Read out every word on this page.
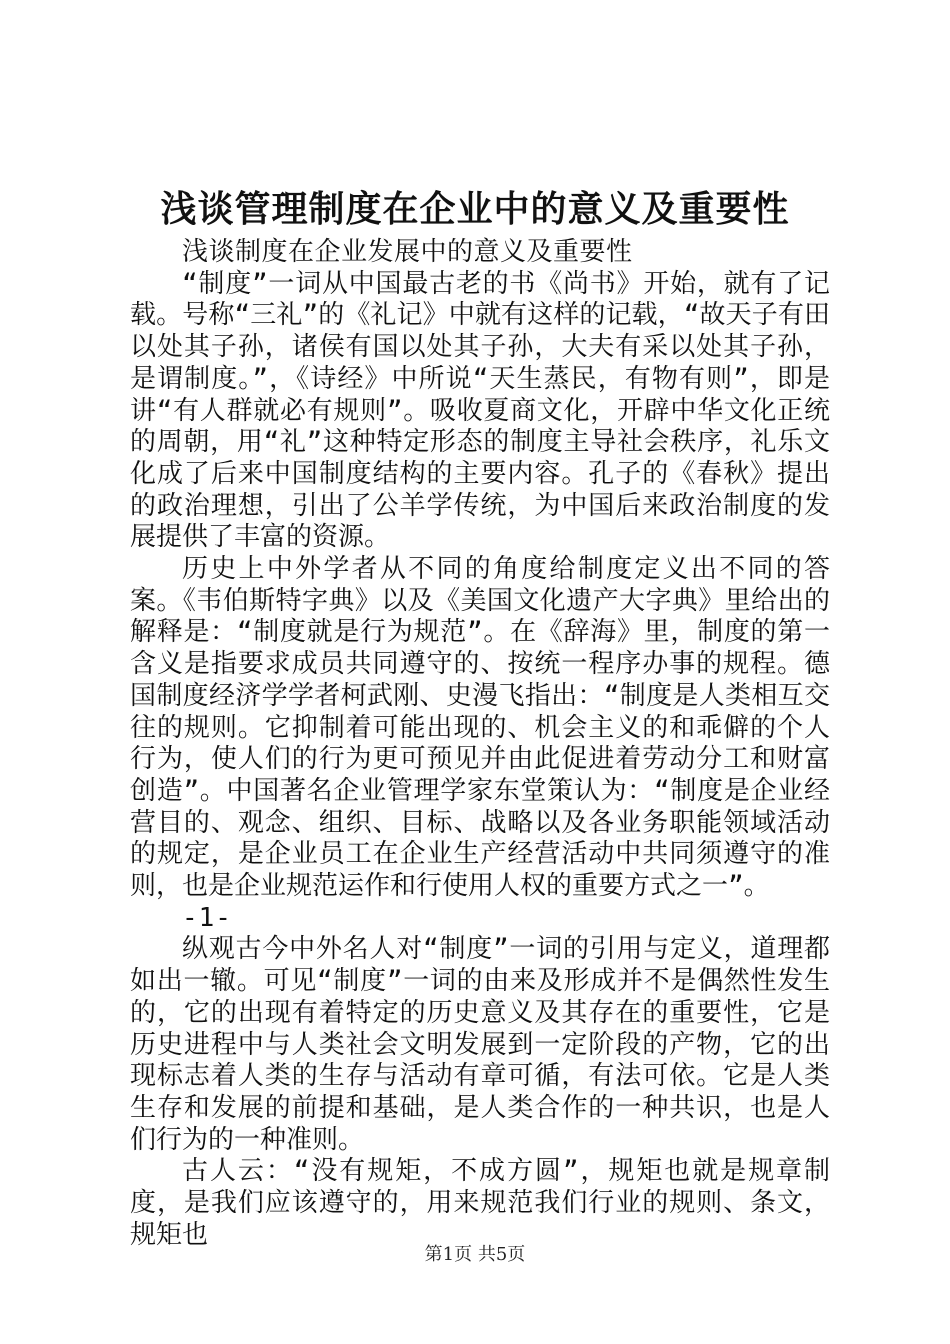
浅谈管理制度在企业中的意义及重要性

浅谈制度在企业发展中的意义及重要性

“制度”一词从中国最古老的书《尚书》开始，就有了记载。号称“三礼”的《礼记》中就有这样的记载，“故天子有田以处其子孙，诸侯有国以处其子孙，大夫有采以处其子孙，是谓制度。”，《诗经》中所说“天生蒸民，有物有则”，即是讲“有人群就必有规则”。吸收夏商文化，开辟中华文化正统的周朝，用“礼”这种特定形态的制度主导社会秩序，礼乐文化成了后来中国制度结构的主要内容。孔子的《春秋》提出的政治理想，引出了公羊学传统，为中国后来政治制度的发展提供了丰富的资源。

历史上中外学者从不同的角度给制度定义出不同的答案。《韦伯斯特字典》以及《美国文化遗产大字典》里给出的解释是：“制度就是行为规范”。在《辞海》里，制度的第一含义是指要求成员共同遵守的、按统一程序办事的规程。德国制度经济学学者柯武刚、史漫飞指出：“制度是人类相互交往的规则。它抑制着可能出现的、机会主义的和乖僻的个人行为，使人们的行为更可预见并由此促进着劳动分工和财富创造”。中国著名企业管理学家东堂策认为：“制度是企业经营目的、观念、组织、目标、战略以及各业务职能领域活动的规定，是企业员工在企业生产经营活动中共同须遵守的准则，也是企业规范运作和行使用人权的重要方式之一”。

-1-

纵观古今中外名人对“制度”一词的引用与定义，道理都如出一辙。可见“制度”一词的由来及形成并不是偶然性发生的，它的出现有着特定的历史意义及其存在的重要性，它是历史进程中与人类社会文明发展到一定阶段的产物，它的出现标志着人类的生存与活动有章可循，有法可依。它是人类生存和发展的前提和基础，是人类合作的一种共识，也是人们行为的一种准则。

古人云：“没有规矩，不成方圆”，规矩也就是规章制度，是我们应该遵守的，用来规范我们行业的规则、条文，规矩也

第1页 共5页
